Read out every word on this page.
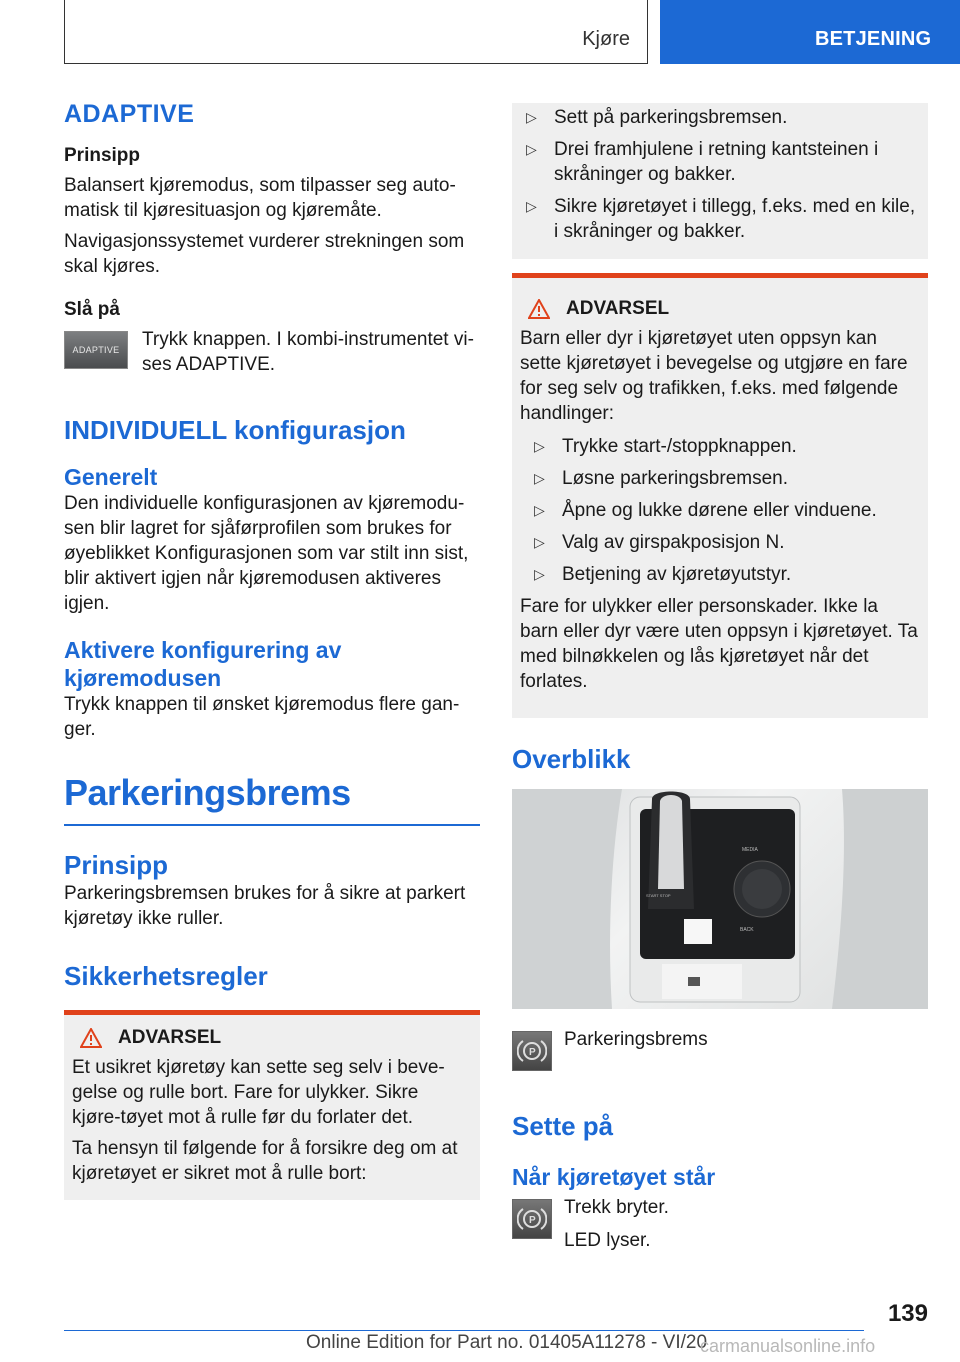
Kjøre	BETJENING
ADAPTIVE
Prinsipp

Balansert kjøremodus, som tilpasser seg auto-matisk til kjøresituasjon og kjøremåte.

Navigasjonssystemet vurderer strekningen som skal kjøres.

Slå på
ADAPTIVE Trykk knappen. I kombi-instrumentet vi-ses ADAPTIVE.
INDIVIDUELL konfigurasjon
Generelt

Den individuelle konfigurasjonen av kjøremodu-sen blir lagret for sjåførprofilen som brukes for øyeblikket Konfigurasjonen som var stilt inn sist, blir aktivert igjen når kjøremodusen aktiveres igjen.

Aktivere konfigurering av kjøremodusen

Trykk knappen til ønsket kjøremodus flere gan-ger.

Parkeringsbrems
Prinsipp

Parkeringsbremsen brukes for å sikre at parkert kjøretøy ikke ruller.

Sikkerhetsregler
ADVARSEL

Et usikret kjøretøy kan sette seg selv i beve-gelse og rulle bort. Fare for ulykker. Sikre kjøre-tøyet mot å rulle før du forlater det.

Ta hensyn til følgende for å forsikre deg om at kjøretøyet er sikret mot å rulle bort:

▷ Sett på parkeringsbremsen.
▷ Drei framhjulene i retning kantsteinen i skråninger og bakker.
▷ Sikre kjøretøyet i tillegg, f.eks. med en kile, i skråninger og bakker.
ADVARSEL

Barn eller dyr i kjøretøyet uten oppsyn kan sette kjøretøyet i bevegelse og utgjøre en fare for seg selv og trafikken, f.eks. med følgende handlinger:

▷ Trykke start-/stoppknappen.
▷ Løsne parkeringsbremsen.
▷ Åpne og lukke dørene eller vinduene.
▷ Valg av girspakposisjon N.
▷ Betjening av kjøretøyutstyr.

Fare for ulykker eller personskader. Ikke la barn eller dyr være uten oppsyn i kjøretøyet. Ta med bilnøkkelen og lås kjøretøyet når det forlates.

Overblikk
MEDIA
BACK
START STOP
P
Parkeringsbrems
Sette på
Når kjøretøyet står
P

Trekk bryter.

LED lyser.

139
Online Edition for Part no. 01405A11278 - VI/20
carmanualsonline.info
